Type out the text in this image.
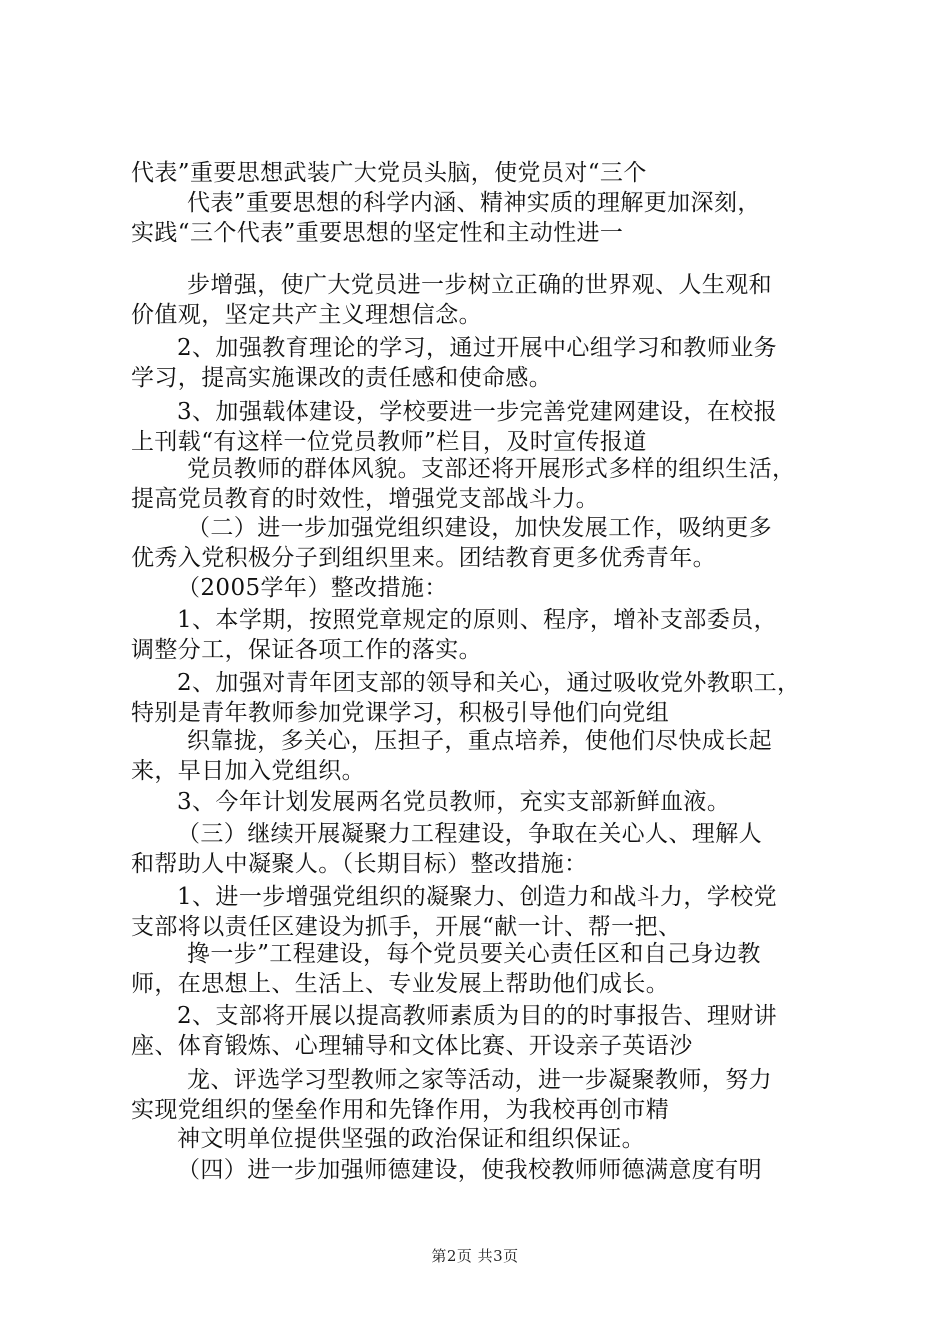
代表”重要思想武装广大党员头脑，使党员对“三个
代表”重要思想的科学内涵、精神实质的理解更加深刻，
实践“三个代表”重要思想的坚定性和主动性进一
步增强，使广大党员进一步树立正确的世界观、人生观和
价值观，坚定共产主义理想信念。
2、加强教育理论的学习，通过开展中心组学习和教师业务
学习，提高实施课改的责任感和使命感。
3、加强载体建设，学校要进一步完善党建网建设，在校报
上刊载“有这样一位党员教师”栏目，及时宣传报道
党员教师的群体风貌。支部还将开展形式多样的组织生活，
提高党员教育的时效性，增强党支部战斗力。
（二）进一步加强党组织建设，加快发展工作，吸纳更多
优秀入党积极分子到组织里来。团结教育更多优秀青年。
（2005学年）整改措施：
1、本学期，按照党章规定的原则、程序，增补支部委员，
调整分工，保证各项工作的落实。
2、加强对青年团支部的领导和关心，通过吸收党外教职工，
特别是青年教师参加党课学习，积极引导他们向党组
织靠拢，多关心，压担子，重点培养，使他们尽快成长起
来，早日加入党组织。
3、今年计划发展两名党员教师，充实支部新鲜血液。
（三）继续开展凝聚力工程建设，争取在关心人、理解人
和帮助人中凝聚人。（长期目标）整改措施：
1、进一步增强党组织的凝聚力、创造力和战斗力，学校党
支部将以责任区建设为抓手，开展“献一计、帮一把、
搀一步”工程建设，每个党员要关心责任区和自己身边教
师，在思想上、生活上、专业发展上帮助他们成长。
2、支部将开展以提高教师素质为目的的时事报告、理财讲
座、体育锻炼、心理辅导和文体比赛、开设亲子英语沙
龙、评选学习型教师之家等活动，进一步凝聚教师，努力
实现党组织的堡垒作用和先锋作用，为我校再创市精
神文明单位提供坚强的政治保证和组织保证。
（四）进一步加强师德建设，使我校教师师德满意度有明
第2页 共3页
